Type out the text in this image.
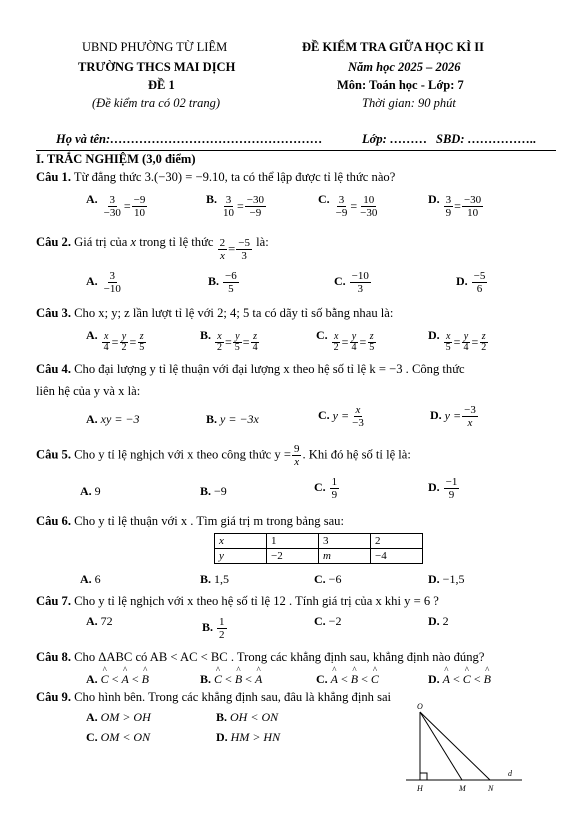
UBND PHƯỜNG TỪ LIÊM
TRƯỜNG THCS MAI DỊCH
ĐỀ 1
(Đề kiểm tra có 02 trang)
ĐỀ KIỂM TRA GIỮA HỌC KÌ II
Năm học 2025 – 2026
Môn: Toán học - Lớp: 7
Thời gian: 90 phút
Họ và tên:……………………………………………	Lớp: ……… SBD: ……………..
I. TRẮC NGHIỆM (3,0 điểm)
Câu 1. Từ đẳng thức 3.(−30) = −9.10, ta có thể lập được tỉ lệ thức nào?
A. $\frac{3}{-30} = \frac{-9}{10}$	B. $\frac{3}{10} = \frac{-30}{-9}$	C. $\frac{3}{-9} = \frac{10}{-30}$	D. $\frac{3}{9} = \frac{-30}{10}$
Câu 2. Giá trị của x trong tỉ lệ thức $\frac{2}{x} = \frac{-5}{3}$ là:
A. $\frac{3}{-10}$	B. $\frac{-6}{5}$	C. $\frac{-10}{3}$	D. $\frac{-5}{6}$
Câu 3. Cho x; y; z lần lượt tỉ lệ với 2; 4; 5 ta có dãy tỉ số bằng nhau là:
A. $\frac{x}{4} = \frac{y}{2} = \frac{z}{5}$	B. $\frac{x}{2} = \frac{y}{5} = \frac{z}{4}$	C. $\frac{x}{2} = \frac{y}{4} = \frac{z}{5}$	D. $\frac{x}{5} = \frac{y}{4} = \frac{z}{2}$
Câu 4. Cho đại lượng y tỉ lệ thuận với đại lượng x theo hệ số tỉ lệ k = −3 . Công thức
liên hệ của y và x là:
A. xy = −3	B. y = −3x	C. $y = \frac{x}{-3}$	D. $y = \frac{-3}{x}$
Câu 5. Cho y tỉ lệ nghịch với x theo công thức $y = \frac{9}{x}$ . Khi đó hệ số tỉ lệ là:
A. 9	B. −9	C. $\frac{1}{9}$	D. $\frac{-1}{9}$
Câu 6. Cho y tỉ lệ thuận với x . Tìm giá trị m trong bảng sau:
x	1	3	2
y	−2	m	−4
A. 6	B. 1,5	C. −6	D. −1,5
Câu 7. Cho y tỉ lệ nghịch với x theo hệ số tỉ lệ 12 . Tính giá trị của x khi y = 6 ?
A. 72	B. $\frac{1}{2}$	C. −2	D. 2
Câu 8. Cho ΔABC có AB < AC < BC . Trong các khẳng định sau, khẳng định nào đúng?
A. ^ C < ^ A < ^ B	B. ^ C < ^ B < ^ A	C. ^ A < ^ B < ^ C	D. ^ A < ^ C < ^ B
Câu 9. Cho hình bên. Trong các khẳng định sau, đâu là khẳng định sai
A. OM > OH	B. OH < ON
C. OM < ON	D. HM > HN
O
H	M	N
d
